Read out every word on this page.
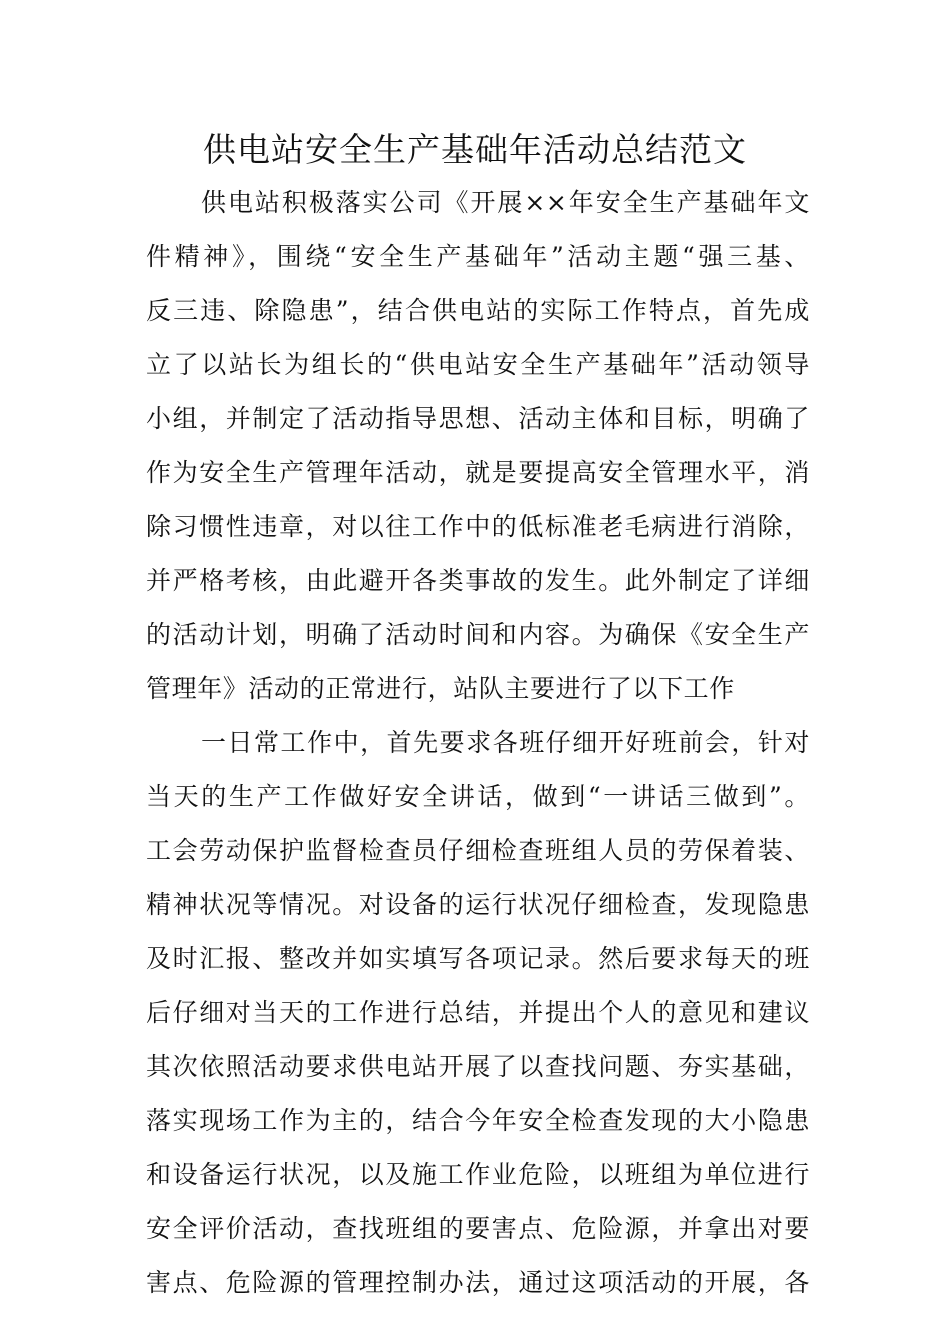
供电站安全生产基础年活动总结范文
供电站积极落实公司《开展××年安全生产基础年文
件精神》，围绕“安全生产基础年”活动主题“强三基、
反三违、除隐患”，结合供电站的实际工作特点，首先成
立了以站长为组长的“供电站安全生产基础年”活动领导
小组，并制定了活动指导思想、活动主体和目标，明确了
作为安全生产管理年活动，就是要提高安全管理水平，消
除习惯性违章，对以往工作中的低标准老毛病进行消除，
并严格考核，由此避开各类事故的发生。此外制定了详细
的活动计划，明确了活动时间和内容。为确保《安全生产
管理年》活动的正常进行，站队主要进行了以下工作
一日常工作中，首先要求各班仔细开好班前会，针对
当天的生产工作做好安全讲话，做到“一讲话三做到”。
工会劳动保护监督检查员仔细检查班组人员的劳保着装、
精神状况等情况。对设备的运行状况仔细检查，发现隐患
及时汇报、整改并如实填写各项记录。然后要求每天的班
后仔细对当天的工作进行总结，并提出个人的意见和建议
其次依照活动要求供电站开展了以查找问题、夯实基础，
落实现场工作为主的，结合今年安全检查发现的大小隐患
和设备运行状况，以及施工作业危险，以班组为单位进行
安全评价活动，查找班组的要害点、危险源，并拿出对要
害点、危险源的管理控制办法，通过这项活动的开展，各
